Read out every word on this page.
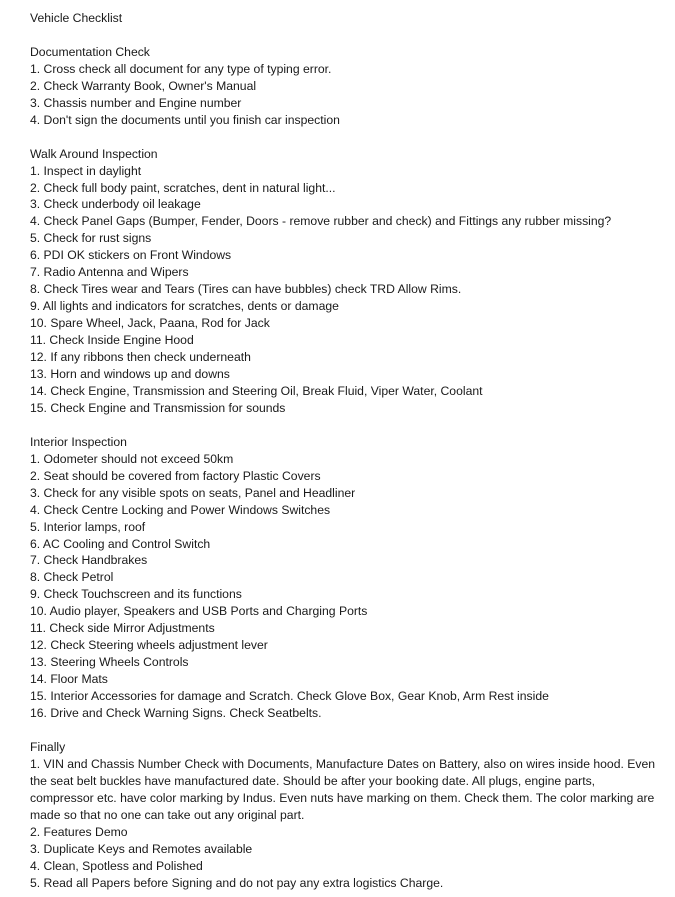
Vehicle Checklist
Documentation Check
1. Cross check all document for any type of typing error.
2. Check Warranty Book, Owner's Manual
3. Chassis number and Engine number
4. Don't sign the documents until you finish car inspection
Walk Around Inspection
1. Inspect in daylight
2. Check full body paint, scratches, dent in natural light...
3. Check underbody oil leakage
4. Check Panel Gaps (Bumper, Fender, Doors - remove rubber and check) and Fittings any rubber missing?
5. Check for rust signs
6. PDI OK stickers on Front Windows
7. Radio Antenna and Wipers
8. Check Tires wear and Tears (Tires can have bubbles) check TRD Allow Rims.
9. All lights and indicators for scratches, dents or damage
10. Spare Wheel, Jack, Paana, Rod for Jack
11. Check Inside Engine Hood
12. If any ribbons then check underneath
13. Horn and windows up and downs
14. Check Engine, Transmission and Steering Oil, Break Fluid, Viper Water, Coolant
15. Check Engine and Transmission for sounds
Interior Inspection
1. Odometer should not exceed 50km
2. Seat should be covered from factory Plastic Covers
3. Check for any visible spots on seats, Panel and Headliner
4. Check Centre Locking and Power Windows Switches
5. Interior lamps, roof
6. AC Cooling and Control Switch
7. Check Handbrakes
8. Check Petrol
9. Check Touchscreen and its functions
10. Audio player, Speakers and USB Ports and Charging Ports
11. Check side Mirror Adjustments
12. Check Steering wheels adjustment lever
13. Steering Wheels Controls
14. Floor Mats
15. Interior Accessories for damage and Scratch. Check Glove Box, Gear Knob, Arm Rest inside
16. Drive and Check Warning Signs. Check Seatbelts.
Finally
1. VIN and Chassis Number Check with Documents, Manufacture Dates on Battery, also on wires inside hood. Even
the seat belt buckles have manufactured date. Should be after your booking date. All plugs, engine parts,
compressor etc. have color marking by Indus. Even nuts have marking on them. Check them. The color marking are
made so that no one can take out any original part.
2. Features Demo
3. Duplicate Keys and Remotes available
4. Clean, Spotless and Polished
5. Read all Papers before Signing and do not pay any extra logistics Charge.
